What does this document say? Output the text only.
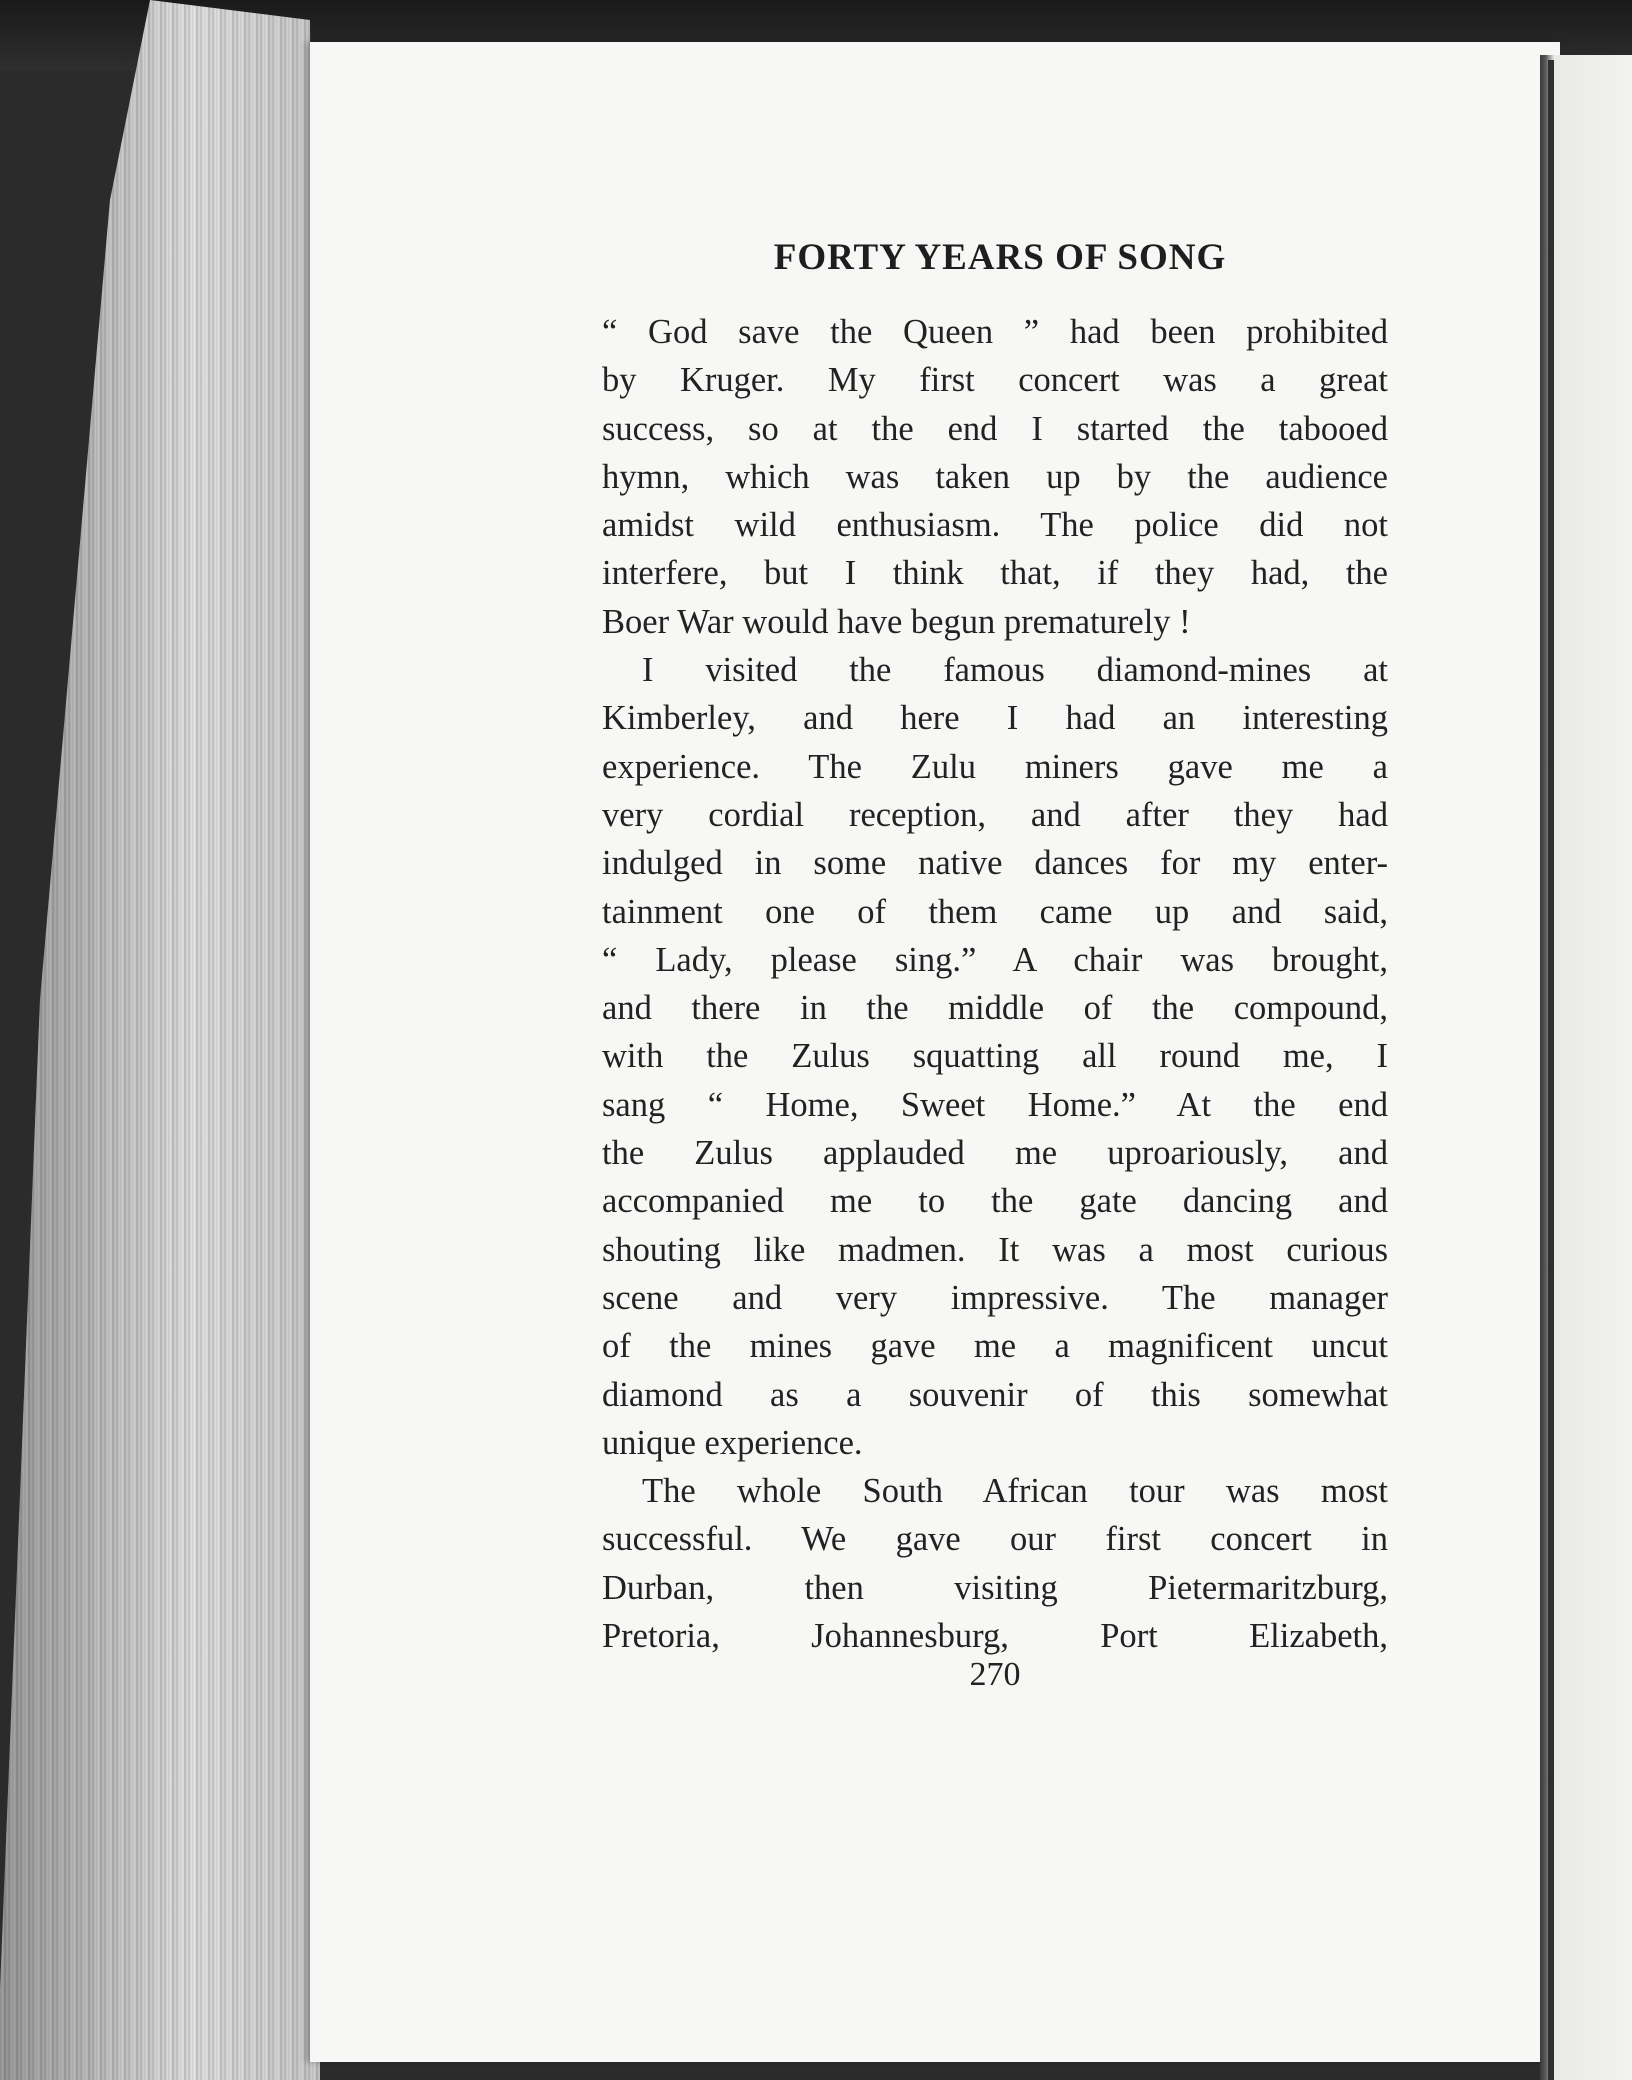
FORTY YEARS OF SONG
“ God save the Queen ” had been prohibited
by Kruger. My first concert was a great
success, so at the end I started the tabooed
hymn, which was taken up by the audience
amidst wild enthusiasm. The police did not
interfere, but I think that, if they had, the
Boer War would have begun prematurely !
I visited the famous diamond-mines at
Kimberley, and here I had an interesting
experience. The Zulu miners gave me a
very cordial reception, and after they had
indulged in some native dances for my enter-
tainment one of them came up and said,
“ Lady, please sing.” A chair was brought,
and there in the middle of the compound,
with the Zulus squatting all round me, I
sang “ Home, Sweet Home.” At the end
the Zulus applauded me uproariously, and
accompanied me to the gate dancing and
shouting like madmen. It was a most curious
scene and very impressive. The manager
of the mines gave me a magnificent uncut
diamond as a souvenir of this somewhat
unique experience.
The whole South African tour was most
successful. We gave our first concert in
Durban, then visiting Pietermaritzburg,
Pretoria, Johannesburg, Port Elizabeth,
270
